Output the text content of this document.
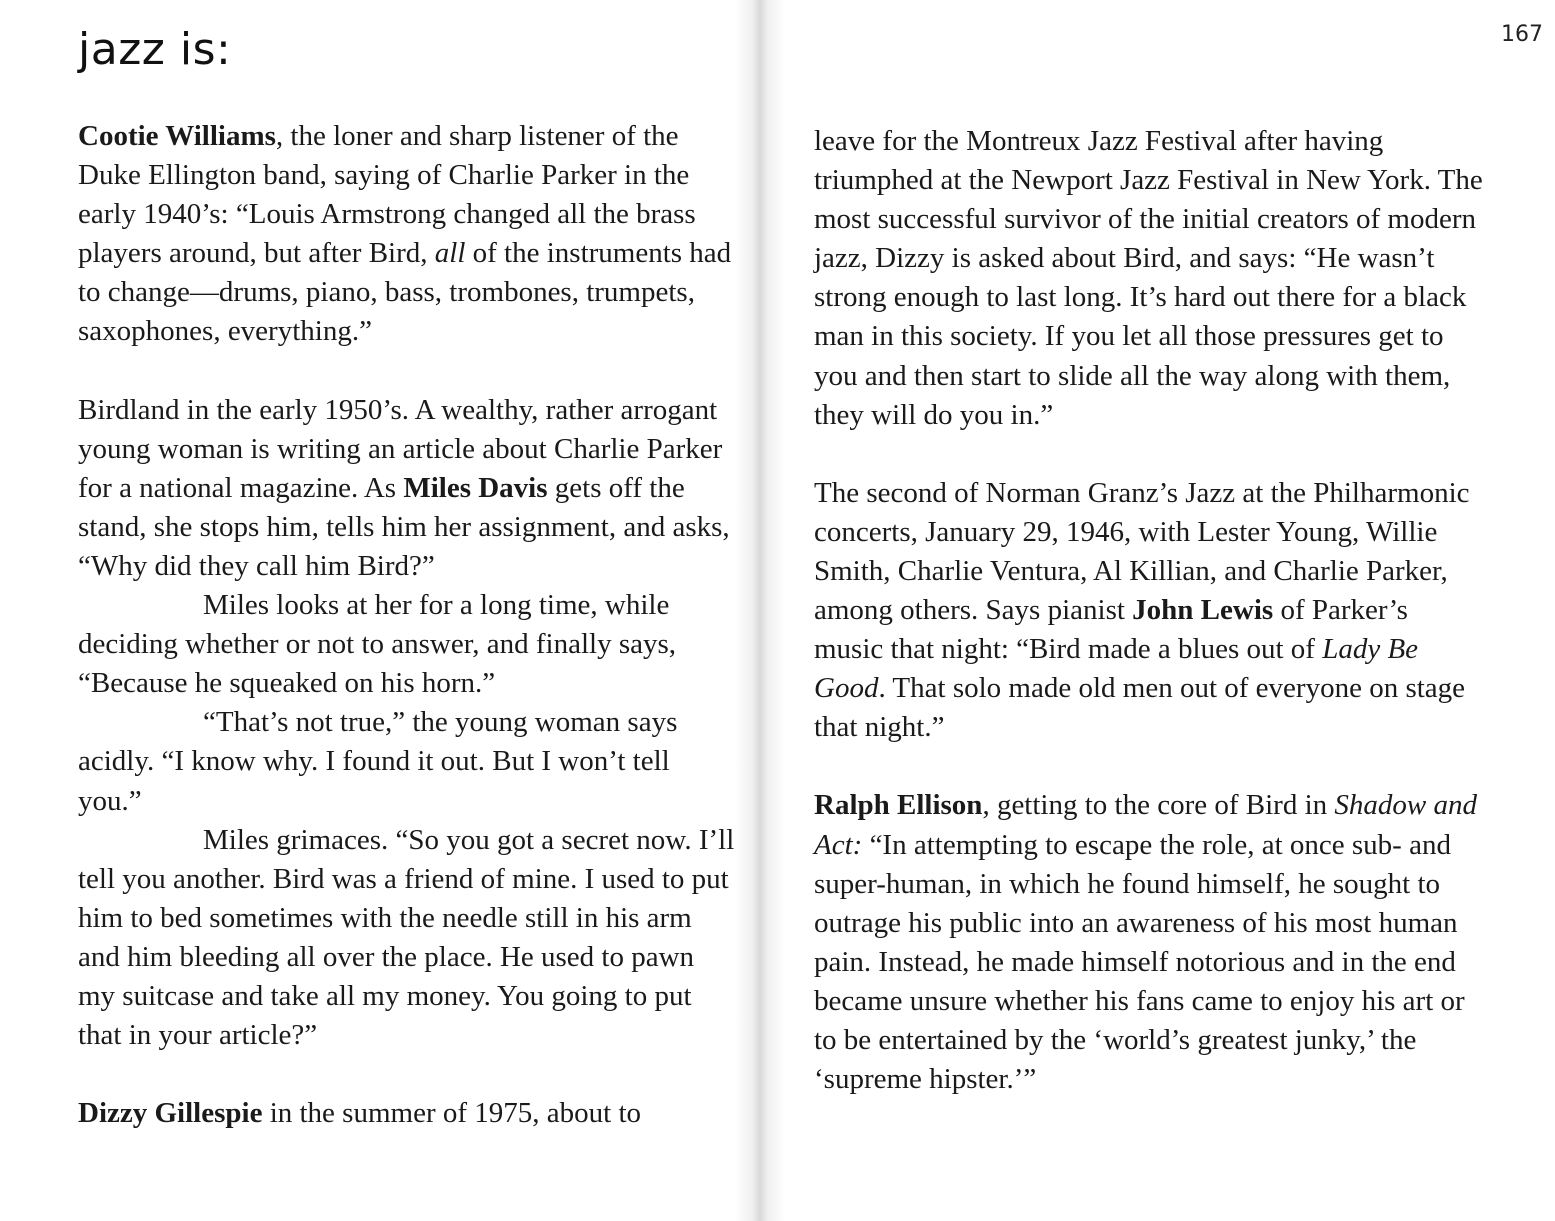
jazz is:

Cootie Williams, the loner and sharp listener of the Duke Ellington band, saying of Charlie Parker in the early 1940’s: “Louis Armstrong changed all the brass players around, but after Bird, all of the instruments had to change—drums, piano, bass, trombones, trumpets, saxophones, everything.”

Birdland in the early 1950’s. A wealthy, rather arrogant young woman is writing an article about Charlie Parker for a national magazine. As Miles Davis gets off the stand, she stops him, tells him her assignment, and asks, “Why did they call him Bird?”

Miles looks at her for a long time, while deciding whether or not to answer, and finally says, “Because he squeaked on his horn.”

“That’s not true,” the young woman says acidly. “I know why. I found it out. But I won’t tell you.”

Miles grimaces. “So you got a secret now. I’ll tell you another. Bird was a friend of mine. I used to put him to bed sometimes with the needle still in his arm and him bleeding all over the place. He used to pawn my suitcase and take all my money. You going to put that in your article?”

Dizzy Gillespie in the summer of 1975, about to

167

leave for the Montreux Jazz Festival after having triumphed at the Newport Jazz Festival in New York. The most successful survivor of the initial creators of modern jazz, Dizzy is asked about Bird, and says: “He wasn’t strong enough to last long. It’s hard out there for a black man in this society. If you let all those pressures get to you and then start to slide all the way along with them, they will do you in.”

The second of Norman Granz’s Jazz at the Philharmonic concerts, January 29, 1946, with Lester Young, Willie Smith, Charlie Ventura, Al Killian, and Charlie Parker, among others. Says pianist John Lewis of Parker’s music that night: “Bird made a blues out of Lady Be Good. That solo made old men out of everyone on stage that night.”

Ralph Ellison, getting to the core of Bird in Shadow and Act: “In attempting to escape the role, at once sub- and super-human, in which he found himself, he sought to outrage his public into an awareness of his most human pain. Instead, he made himself notorious and in the end became unsure whether his fans came to enjoy his art or to be entertained by the ‘world’s greatest junky,’ the ‘supreme hipster.’”
